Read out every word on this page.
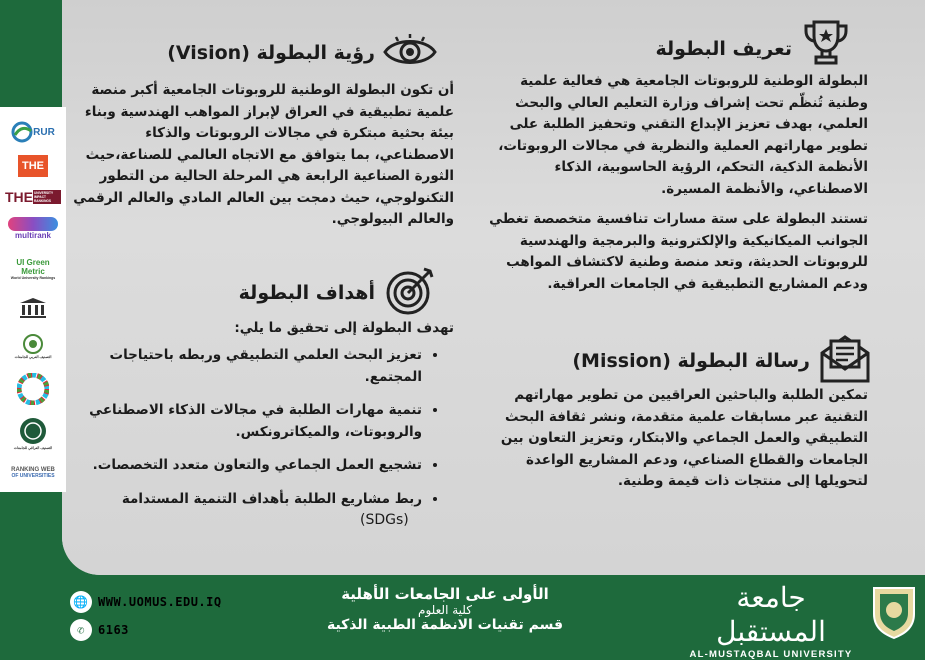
تعريف البطولة
البطولة الوطنية للروبوتات الجامعية هي فعالية علمية وطنية تُنظّم تحت إشراف وزارة التعليم العالي والبحث العلمي، بهدف تعزيز الإبداع التقني وتحفيز الطلبة على تطوير مهاراتهم العملية والنظرية في مجالات الروبوتات، الأنظمة الذكية، التحكم، الرؤية الحاسوبية، الذكاء الاصطناعي، والأنظمة المسيرة.
تستند البطولة على ستة مسارات تنافسية متخصصة تغطي الجوانب الميكانيكية والإلكترونية والبرمجية والهندسية للروبوتات الحديثة، وتعد منصة وطنية لاكتشاف المواهب ودعم المشاريع التطبيقية في الجامعات العراقية.
رسالة البطولة (Mission)
تمكين الطلبة والباحثين العراقيين من تطوير مهاراتهم التقنية عبر مسابقات علمية متقدمة، ونشر ثقافة البحث التطبيقي والعمل الجماعي والابتكار، وتعزيز التعاون بين الجامعات والقطاع الصناعي، ودعم المشاريع الواعدة لتحويلها إلى منتجات ذات قيمة وطنية.
رؤية البطولة (Vision)
أن تكون البطولة الوطنية للروبوتات الجامعية أكبر منصة علمية تطبيقية في العراق لإبراز المواهب الهندسية وبناء بيئة بحثية مبتكرة في مجالات الروبوتات والذكاء الاصطناعي، بما يتوافق مع الاتجاه العالمي للصناعة،حيث الثورة الصناعية الرابعة هي المرحلة الحالية من التطور التكنولوجي، حيث دمجت بين العالم المادي والعالم الرقمي والعالم البيولوجي.
أهداف البطولة
تهدف البطولة إلى تحقيق ما يلي:
• تعزيز البحث العلمي التطبيقي وربطه باحتياجات المجتمع.
• تنمية مهارات الطلبة في مجالات الذكاء الاصطناعي والروبوتات، والميكاترونكس.
• تشجيع العمل الجماعي والتعاون متعدد التخصصات.
• ربط مشاريع الطلبة بأهداف التنمية المستدامة
(SDGs)
RUR
THE
THE UNIVERSITY IMPACT RANKINGS
multirank
UI Green Metric
World University Rankings
التصنيف العربي للجامعات
التصنيف العراقي للجامعات
RANKING WEB
OF UNIVERSITIES
🌐 WWW.UOMUS.EDU.IQ
✆	6163
الأولى على الجامعات الأهلية
كلية العلوم
قسم تقنيات الانظمة الطبية الذكية
جامعة المستقبل
AL-MUSTAQBAL UNIVERSITY
